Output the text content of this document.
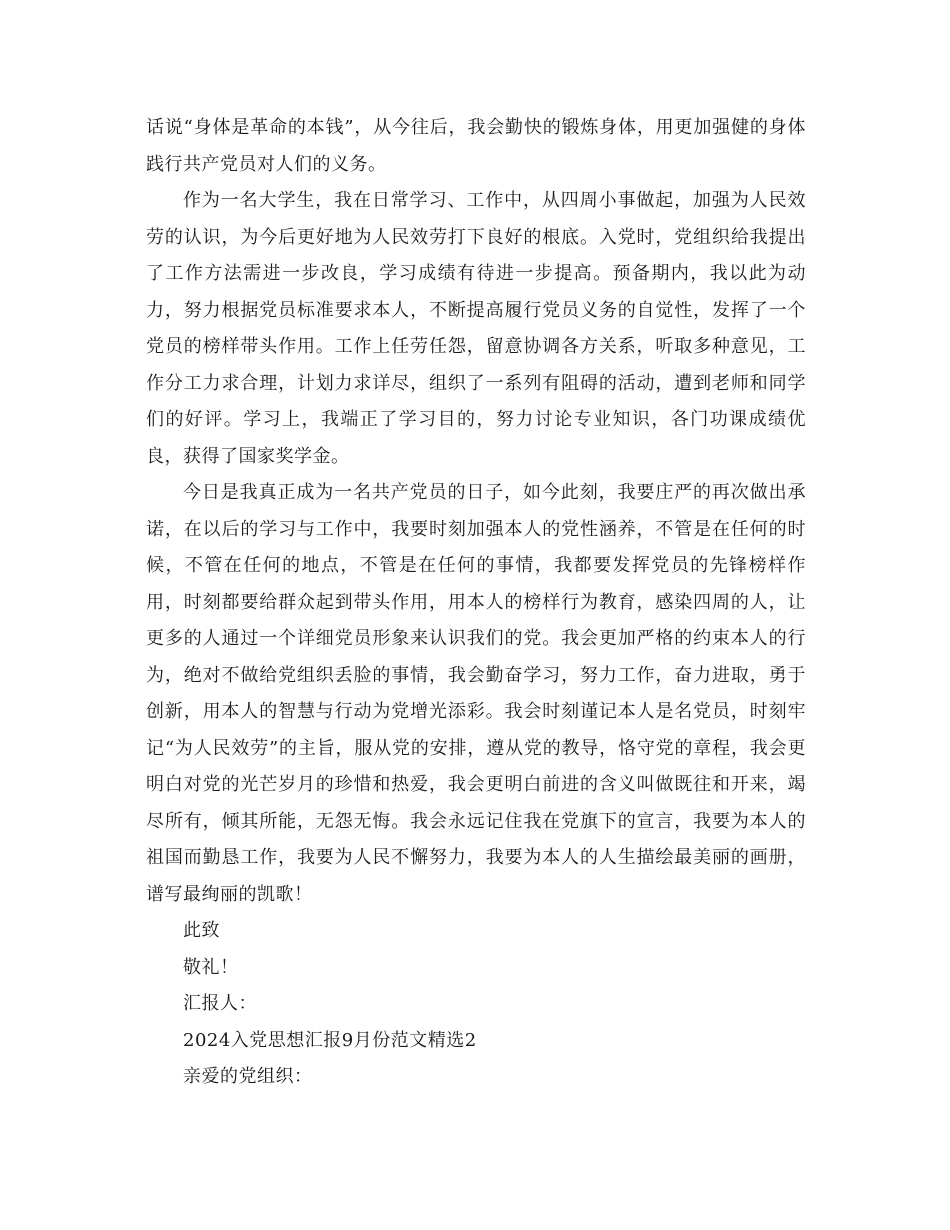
话说“身体是革命的本钱”，从今往后，我会勤快的锻炼身体，用更加强健的身体践行共产党员对人们的义务。

作为一名大学生，我在日常学习、工作中，从四周小事做起，加强为人民效劳的认识，为今后更好地为人民效劳打下良好的根底。入党时，党组织给我提出了工作方法需进一步改良，学习成绩有待进一步提高。预备期内，我以此为动力，努力根据党员标准要求本人，不断提高履行党员义务的自觉性，发挥了一个党员的榜样带头作用。工作上任劳任怨，留意协调各方关系，听取多种意见，工作分工力求合理，计划力求详尽，组织了一系列有阻碍的活动，遭到老师和同学们的好评。学习上，我端正了学习目的，努力讨论专业知识，各门功课成绩优良，获得了国家奖学金。

今日是我真正成为一名共产党员的日子，如今此刻，我要庄严的再次做出承诺，在以后的学习与工作中，我要时刻加强本人的党性涵养，不管是在任何的时候，不管在任何的地点，不管是在任何的事情，我都要发挥党员的先锋榜样作用，时刻都要给群众起到带头作用，用本人的榜样行为教育，感染四周的人，让更多的人通过一个详细党员形象来认识我们的党。我会更加严格的约束本人的行为，绝对不做给党组织丢脸的事情，我会勤奋学习，努力工作，奋力进取，勇于创新，用本人的智慧与行动为党增光添彩。我会时刻谨记本人是名党员，时刻牢记“为人民效劳”的主旨，服从党的安排，遵从党的教导，恪守党的章程，我会更明白对党的光芒岁月的珍惜和热爱，我会更明白前进的含义叫做既往和开来，竭尽所有，倾其所能，无怨无悔。我会永远记住我在党旗下的宣言，我要为本人的祖国而勤恳工作，我要为人民不懈努力，我要为本人的人生描绘最美丽的画册，谱写最绚丽的凯歌！

此致

敬礼！

汇报人：

2024入党思想汇报9月份范文精选2

亲爱的党组织：
